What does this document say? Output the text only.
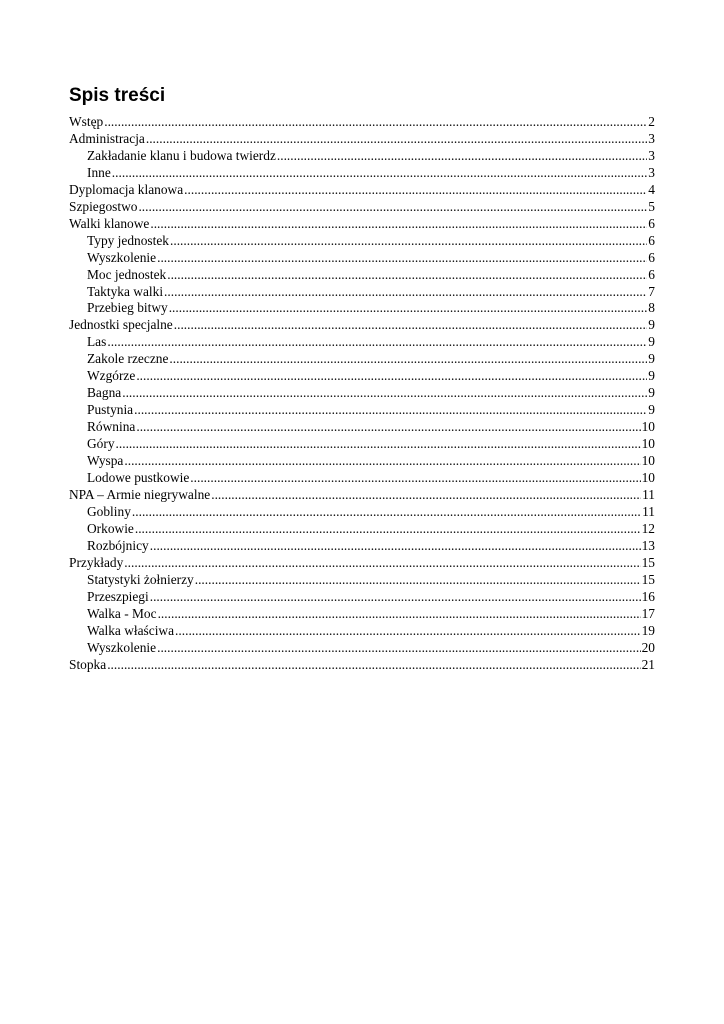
Spis treści
Wstęp .....	2
Administracja .....	3
Zakładanie klanu i budowa twierdz .....	3
Inne .....	3
Dyplomacja klanowa .....	4
Szpiegostwo .....	5
Walki klanowe .....	6
Typy jednostek .....	6
Wyszkolenie .....	6
Moc jednostek .....	6
Taktyka walki .....	7
Przebieg bitwy .....	8
Jednostki specjalne .....	9
Las .....	9
Zakole rzeczne .....	9
Wzgórze .....	9
Bagna .....	9
Pustynia .....	9
Równina .....	10
Góry .....	10
Wyspa .....	10
Lodowe pustkowie .....	10
NPA – Armie niegrywalne .....	11
Gobliny .....	11
Orkowie .....	12
Rozbójnicy .....	13
Przykłady .....	15
Statystyki żołnierzy .....	15
Przeszpiegi .....	16
Walka - Moc .....	17
Walka właściwa .....	19
Wyszkolenie .....	20
Stopka .....	21
